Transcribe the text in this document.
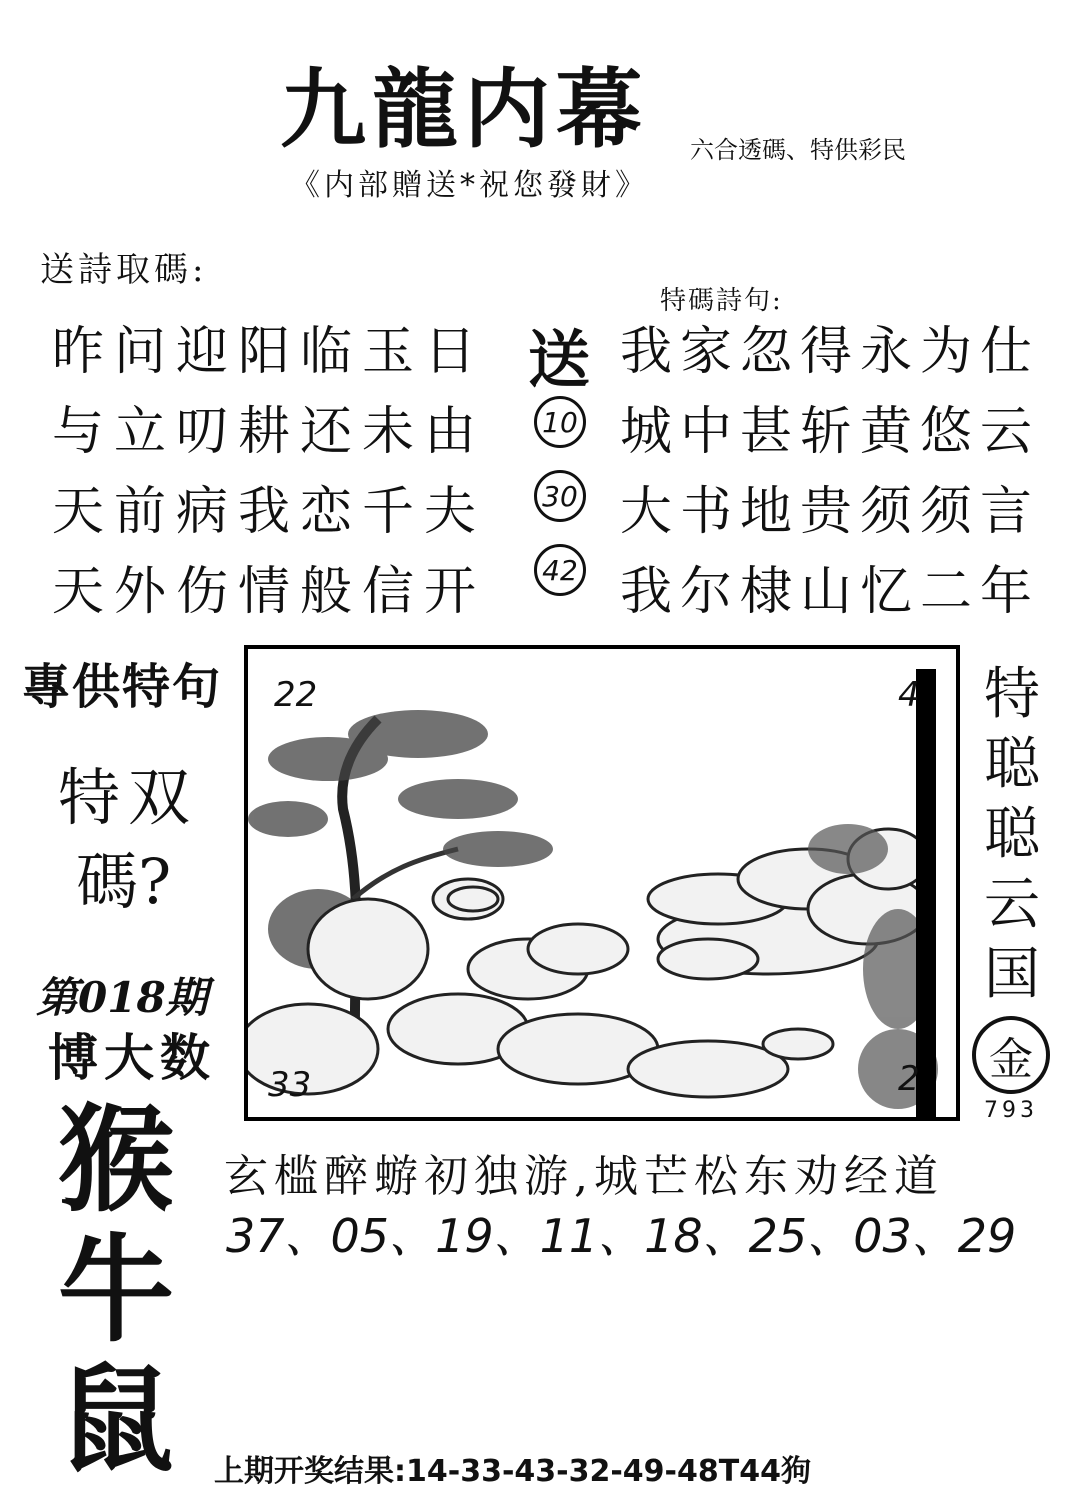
九龍内幕 六合透碼、特供彩民
《内部贈送*祝您發財》
送詩取碼:
昨问迎阳临玉日
与立叨耕还未由
天前病我恋千夫
天外伤情般信开
特碼詩句:
送
10
30
42
我家忽得永为仕
城中甚斩黄悠云
大书地贵须须言
我尔棣山忆二年
22	4
33	2
專供特句
特双
碼?
第018期
博大数
猴
牛
鼠
特
聪
聪
云
国
金
793
玄槛醉蝣初独游,城芒松东劝经道
37、05、19、11、18、25、03、29
上期开奖结果:14-33-43-32-49-48T44狗
